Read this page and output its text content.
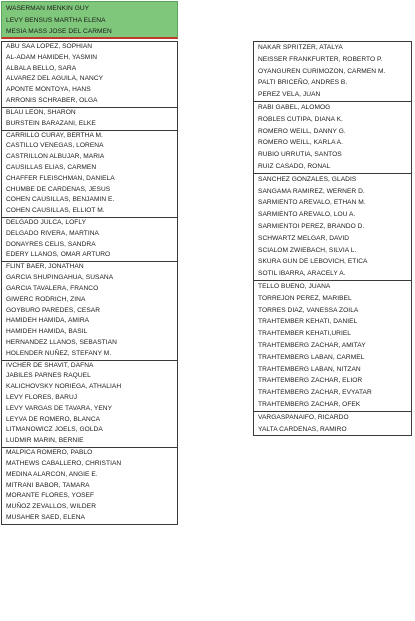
WASERMAN MENKIN GUY
LEVY BENSUS MARTHA ELENA
MESIA MASS JOSE DEL CARMEN
ABU SAA LOPEZ, SOPHIAN
AL-ADAM HAMIDEH, YASMIN
ALBALA BELLO, SARA
ALVAREZ DEL AGUILA, NANCY
APONTE MONTOYA, HANS
ARRONIS SCHRABER, OLGA
BLAU LEON, SHARON
BURSTEIN BARAZANI, ELKE
CARRILLO CURAY, BERTHA M.
CASTILLO VENEGAS, LORENA
CASTRILLON ALBUJAR, MARIA
CAUSILLAS ELIAS, CARMEN
CHAFFER FLEISCHMAN, DANIELA
CHUMBE DE CARDENAS, JESUS
COHEN CAUSILLAS, BENJAMIN E.
COHEN CAUSILLAS, ELLIOT M.
DELGADO JULCA, LOFLY
DELGADO RIVERA, MARTINA
DONAYRES CELIS, SANDRA
EDERY LLANOS, OMAR ARTURO
FLINT BAER, JONATHAN
GARCIA SHUPINGAHUA, SUSANA
GARCIA TAVALERA, FRANCO
GIWERC RODRICH, ZINA
GOYBURO PAREDES, CESAR
HAMIDEH HAMIDA, AMIRA
HAMIDEH HAMIDA, BASIL
HERNANDEZ LLANOS, SEBASTIAN
HOLENDER NUÑEZ, STEFANY M.
IVCHER DE SHAVIT, DAFNA
JABILES PARNES RAQUEL
KALICHOVSKY NORIEGA, ATHALIAH
LEVY FLORES, BARUJ
LEVY VARGAS DE TAVARA, YENY
LEYVA DE ROMERO, BLANCA
LITMANOWICZ JOELS, GOLDA
LUDMIR MARIN, BERNIE
MALPICA ROMERO, PABLO
MATHEWS CABALLERO, CHRISTIAN
MEDINA ALARCON, ANGIE E.
MITRANI BABOR, TAMARA
MORANTE FLORES, YOSEF
MUÑOZ ZEVALLOS, WILDER
MUSAHER SAED, ELENA
NAKAR SPRITZER, ATALYA
NEISSER FRANKFURTER, ROBERTO P.
OYANGUREN CURIMOZON, CARMEN M.
PALTI BRICEÑO, ANDRES B.
PEREZ VELA, JUAN
RABI GABEL, ALOMOG
ROBLES CUTIPA, DIANA K.
ROMERO WEILL, DANNY G.
ROMERO WEILL, KARLA A.
RUBIO URRUTIA, SANTOS
RUIZ CASADO, RONAL
SANCHEZ GONZALES, GLADIS
SANGAMA RAMIREZ, WERNER D.
SARMIENTO AREVALO, ETHAN M.
SARMIENTO AREVALO, LOU A.
SARMIENTOI PEREZ, BRANDO D.
SCHWARTZ MELGAR, DAVID
SCIALOM ZWIEBACH, SILVIA L.
SKURA GUN DE LEBOVICH, ETICA
SOTIL IBARRA, ARACELY A.
TELLO BUENO, JUANA
TORREJON PEREZ, MARIBEL
TORRES DIAZ, VANESSA ZOILA
TRAHTEMBER KEHATI, DANIEL
TRAHTEMBER KEHATI,URIEL
TRAHTEMBERG ZACHAR, AMITAY
TRAHTEMBERG LABAN, CARMEL
TRAHTEMBERG LABAN, NITZAN
TRAHTEMBERG ZACHAR, ELIOR
TRAHTEMBERG ZACHAR, EVYATAR
TRAHTEMBERG ZACHAR, OFEK
VARGASPANAIFO, RICARDO
YALTA CARDENAS, RAMIRO
